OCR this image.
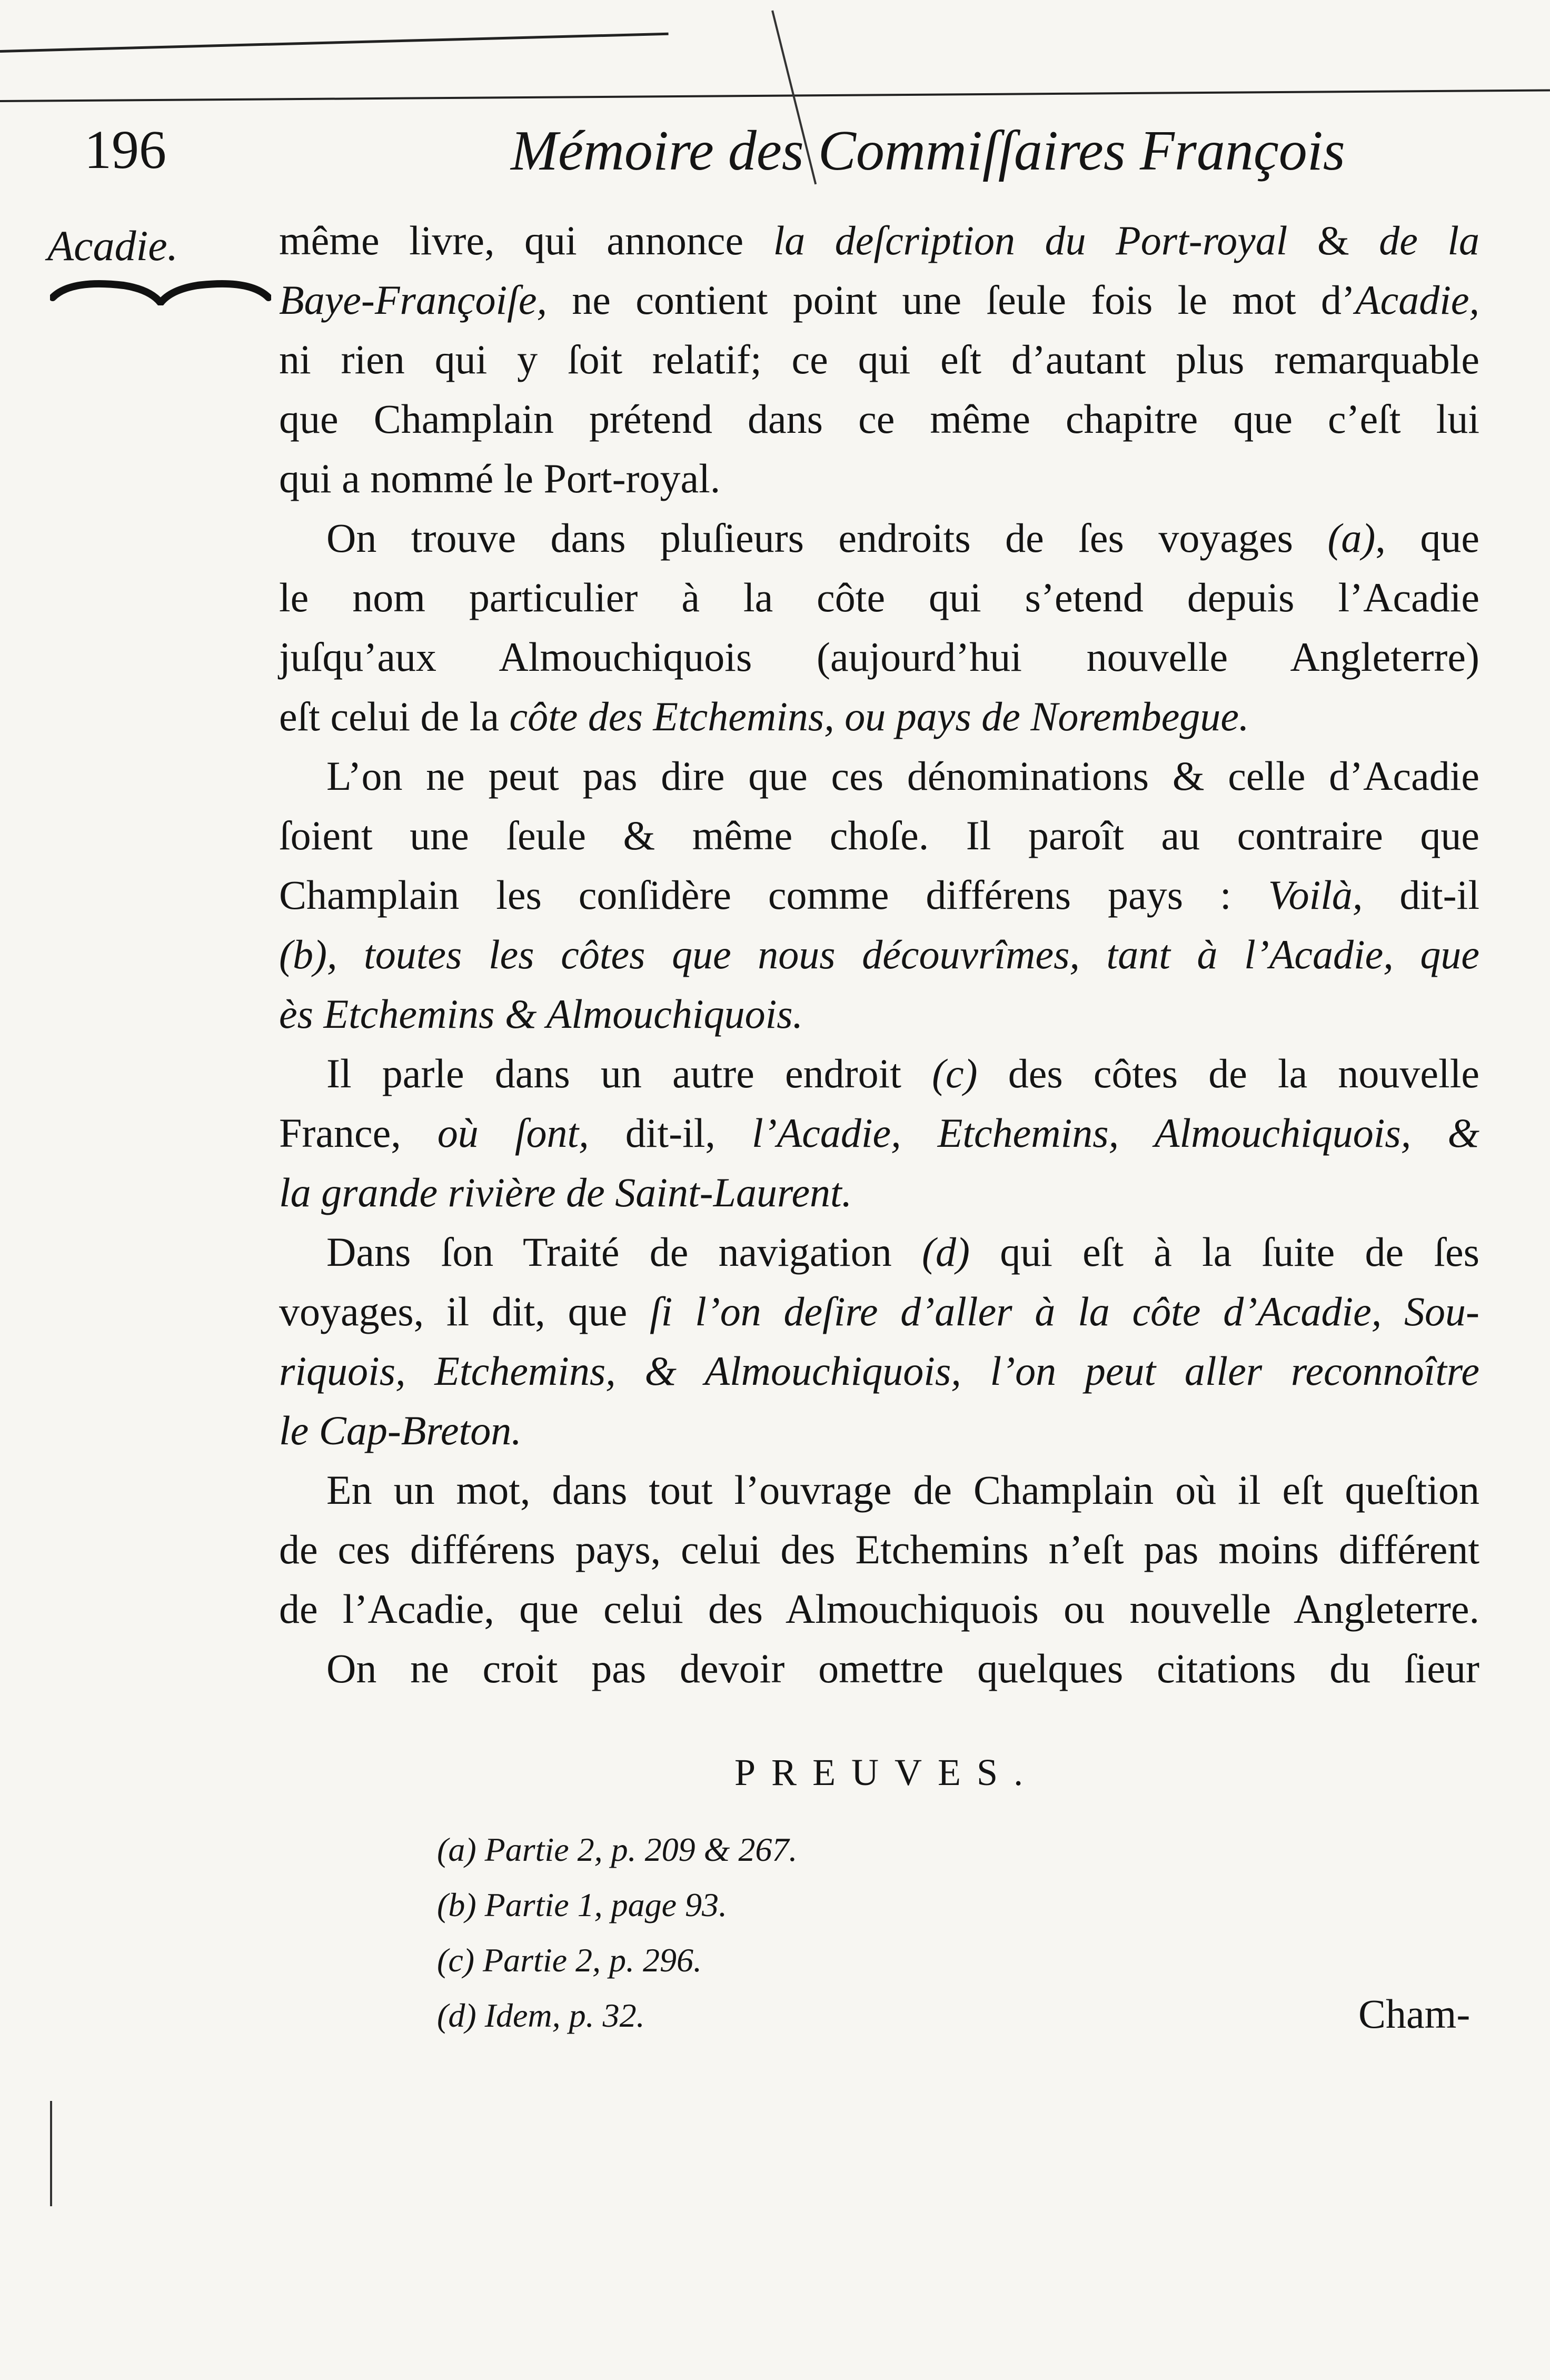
196	Mémoire des Commiſſaires François
Acadie. même livre, qui annonce la deſcription du Port-royal & de la
Baye-Françoiſe, ne contient point une ſeule fois le mot d’Acadie,
ni rien qui y ſoit relatif; ce qui eſt d’autant plus remarquable
que Champlain prétend dans ce même chapitre que c’eſt lui
qui a nommé le Port-royal.
On trouve dans pluſieurs endroits de ſes voyages (a), que
le nom particulier à la côte qui s’etend depuis l’Acadie
juſqu’aux Almouchiquois (aujourd’hui nouvelle Angleterre)
eſt celui de la côte des Etchemins, ou pays de Norembegue.
L’on ne peut pas dire que ces dénominations & celle d’Acadie
ſoient une ſeule & même choſe. Il paroît au contraire que
Champlain les conſidère comme différens pays : Voilà, dit-il
(b), toutes les côtes que nous découvrîmes, tant à l’Acadie, que
ès Etchemins & Almouchiquois.
Il parle dans un autre endroit (c) des côtes de la nouvelle
France, où ſont, dit-il, l’Acadie, Etchemins, Almouchiquois, &
la grande rivière de Saint-Laurent.
Dans ſon Traité de navigation (d) qui eſt à la ſuite de ſes
voyages, il dit, que ſi l’on deſire d’aller à la côte d’Acadie, Sou-
riquois, Etchemins, & Almouchiquois, l’on peut aller reconnoître
le Cap-Breton.
En un mot, dans tout l’ouvrage de Champlain où il eſt queſtion
de ces différens pays, celui des Etchemins n’eſt pas moins différent
de l’Acadie, que celui des Almouchiquois ou nouvelle Angleterre.
On ne croit pas devoir omettre quelques citations du ſieur
PREUVES.
(a) Partie 2, p. 209 & 267.
(b) Partie 1, page 93.
(c) Partie 2, p. 296.
(d) Idem, p. 32.	Cham-
